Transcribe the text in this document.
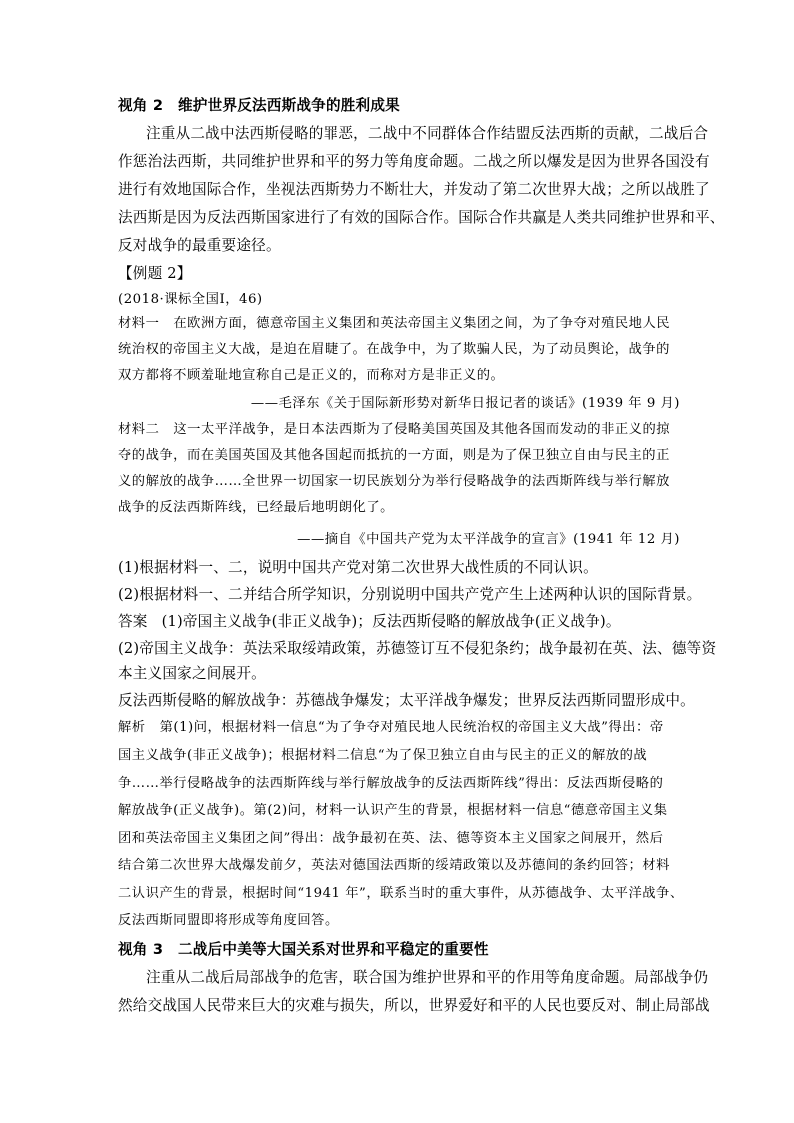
视角 2　维护世界反法西斯战争的胜利成果
注重从二战中法西斯侵略的罪恶，二战中不同群体合作结盟反法西斯的贡献，二战后合
作惩治法西斯，共同维护世界和平的努力等角度命题。二战之所以爆发是因为世界各国没有
进行有效地国际合作，坐视法西斯势力不断壮大，并发动了第二次世界大战；之所以战胜了
法西斯是因为反法西斯国家进行了有效的国际合作。国际合作共赢是人类共同维护世界和平、
反对战争的最重要途径。
【例题 2】
(2018·课标全国Ⅰ，46)
材料一 在欧洲方面，德意帝国主义集团和英法帝国主义集团之间，为了争夺对殖民地人民
统治权的帝国主义大战，是迫在眉睫了。在战争中，为了欺骗人民，为了动员舆论，战争的
双方都将不顾羞耻地宣称自己是正义的，而称对方是非正义的。
——毛泽东《关于国际新形势对新华日报记者的谈话》(1939 年 9 月)
材料二 这一太平洋战争，是日本法西斯为了侵略美国英国及其他各国而发动的非正义的掠
夺的战争，而在美国英国及其他各国起而抵抗的一方面，则是为了保卫独立自由与民主的正
义的解放的战争……全世界一切国家一切民族划分为举行侵略战争的法西斯阵线与举行解放
战争的反法西斯阵线，已经最后地明朗化了。
——摘自《中国共产党为太平洋战争的宣言》(1941 年 12 月)
(1)根据材料一、二，说明中国共产党对第二次世界大战性质的不同认识。
(2)根据材料一、二并结合所学知识，分别说明中国共产党产生上述两种认识的国际背景。
答案 (1)帝国主义战争(非正义战争)；反法西斯侵略的解放战争(正义战争)。
(2)帝国主义战争：英法采取绥靖政策，苏德签订互不侵犯条约；战争最初在英、法、德等资
本主义国家之间展开。
反法西斯侵略的解放战争：苏德战争爆发；太平洋战争爆发；世界反法西斯同盟形成中。
解析 第(1)问，根据材料一信息“为了争夺对殖民地人民统治权的帝国主义大战”得出：帝
国主义战争(非正义战争)；根据材料二信息“为了保卫独立自由与民主的正义的解放的战
争……举行侵略战争的法西斯阵线与举行解放战争的反法西斯阵线”得出：反法西斯侵略的
解放战争(正义战争)。第(2)问，材料一认识产生的背景，根据材料一信息“德意帝国主义集
团和英法帝国主义集团之间”得出：战争最初在英、法、德等资本主义国家之间展开，然后
结合第二次世界大战爆发前夕，英法对德国法西斯的绥靖政策以及苏德间的条约回答；材料
二认识产生的背景，根据时间“1941 年”，联系当时的重大事件，从苏德战争、太平洋战争、
反法西斯同盟即将形成等角度回答。
视角 3　二战后中美等大国关系对世界和平稳定的重要性
注重从二战后局部战争的危害，联合国为维护世界和平的作用等角度命题。局部战争仍
然给交战国人民带来巨大的灾难与损失，所以，世界爱好和平的人民也要反对、制止局部战
